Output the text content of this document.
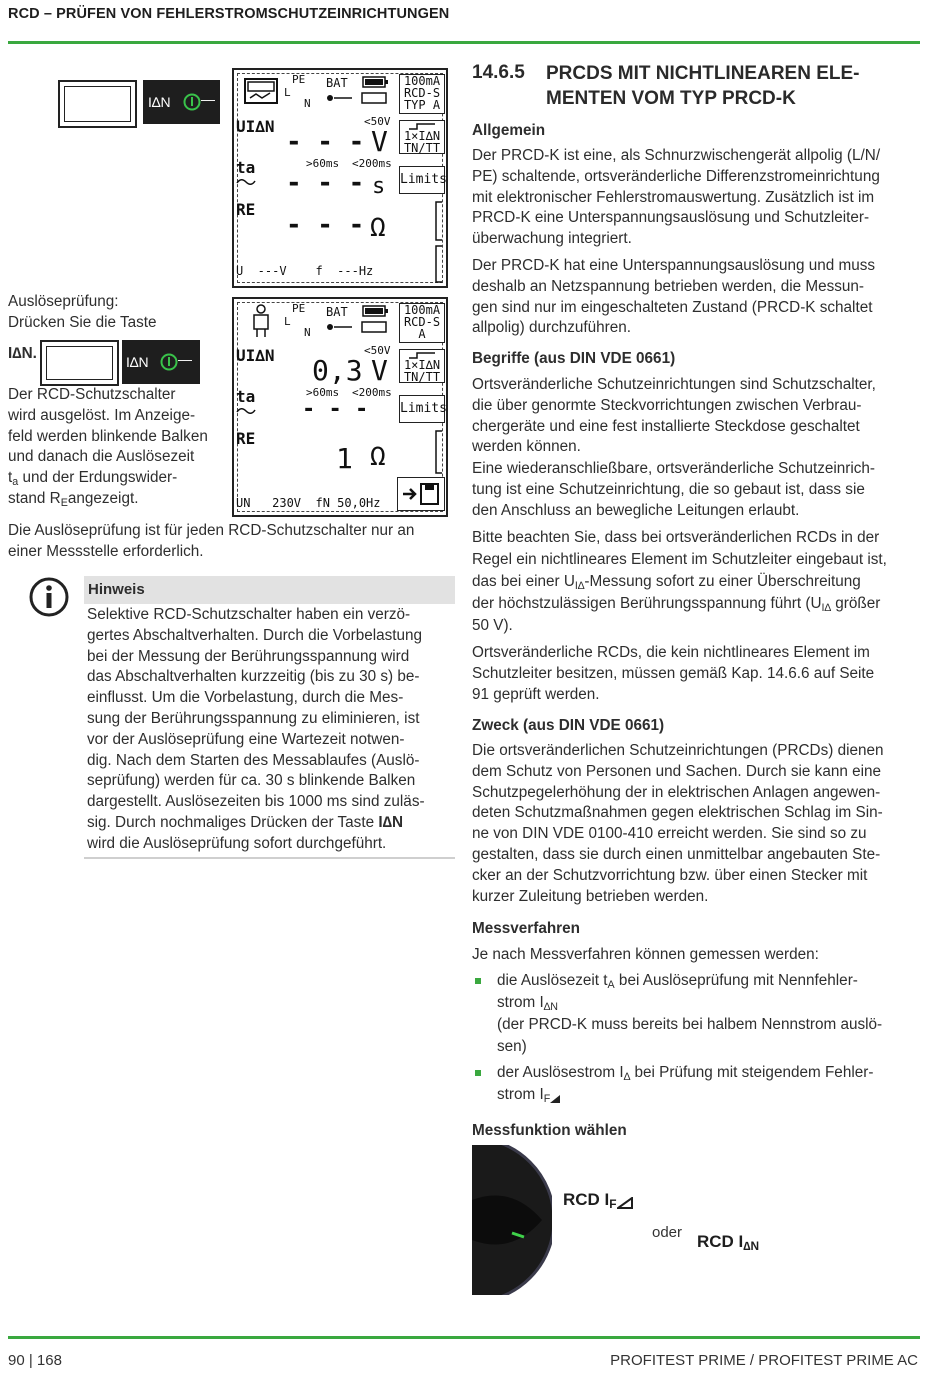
RCD – PRÜFEN VON FEHLERSTROMSCHUTZEINRICHTUNGEN
I∆N —
PE
L
N
BAT	100mA
RCD-S
TYP A
UI∆N	<50V
- - - V	1×I∆N
TN/TT
ta	>60ms <200ms
- - - s Limits
RE
- - - Ω
U  ---V    f  ---Hz
Auslöseprüfung:
Drücken Sie die Taste
I∆N.	I∆N —
Der RCD-Schutzschalter
wird ausgelöst. Im Anzeige-
feld werden blinkende Balken
und danach die Auslösezeit
$t_a$ und der Erdungswider-
stand $R_Eangezeigt$.
PE
L
N
BAT	100mA
RCD-S
A
UI∆N	<50V
0,3 V	1×I∆N
TN/TT
ta	>60ms <200ms
- - - Limits
RE
1 Ω
UN   230V  fN 50,0Hz
Die Auslöseprüfung ist für jeden RCD-Schutzschalter nur an
einer Messstelle erforderlich.
Hinweis
Selektive RCD-Schutzschalter haben ein verzö-
gertes Abschaltverhalten. Durch die Vorbelastung
bei der Messung der Berührungsspannung wird
das Abschaltverhalten kurzzeitig (bis zu 30 s) be-
einflusst. Um die Vorbelastung, durch die Mes-
sung der Berührungsspannung zu eliminieren, ist
vor der Auslöseprüfung eine Wartezeit notwen-
dig. Nach dem Starten des Messablaufes (Auslö-
seprüfung) werden für ca. 30 s blinkende Balken
dargestellt. Auslösezeiten bis 1000 ms sind zuläs-
sig. Durch nochmaliges Drücken der Taste I∆N
wird die Auslöseprüfung sofort durchgeführt.
14.6.5 PRCDS MIT NICHTLINEAREN ELE-
MENTEN VOM TYP PRCD-K
Allgemein
Der PRCD-K ist eine, als Schnurzwischengerät allpolig (L/N/
PE) schaltende, ortsveränderliche Differenzstromeinrichtung
mit elektronischer Fehlerstromauswertung. Zusätzlich ist im
PRCD-K eine Unterspannungsauslösung und Schutzleiter-
überwachung integriert.
Der PRCD-K hat eine Unterspannungsauslösung und muss
deshalb an Netzspannung betrieben werden, die Messun-
gen sind nur im eingeschalteten Zustand (PRCD-K schaltet
allpolig) durchzuführen.
Begriffe (aus DIN VDE 0661)
Ortsveränderliche Schutzeinrichtungen sind Schutzschalter,
die über genormte Steckvorrichtungen zwischen Verbrau-
chergeräte und eine fest installierte Steckdose geschaltet
werden können.
Eine wiederanschließbare, ortsveränderliche Schutzeinrich-
tung ist eine Schutzeinrichtung, die so gebaut ist, dass sie
den Anschluss an bewegliche Leitungen erlaubt.
Bitte beachten Sie, dass bei ortsveränderlichen RCDs in der
Regel ein nichtlineares Element im Schutzleiter eingebaut ist,
das bei einer $U_{I\Delta}$-Messung sofort zu einer Überschreitung
der höchstzulässigen Berührungsspannung führt ($U_{I\Delta}$ größer
50 V).
Ortsveränderliche RCDs, die kein nichtlineares Element im
Schutzleiter besitzen, müssen gemäß Kap. 14.6.6 auf Seite
91 geprüft werden.
Zweck (aus DIN VDE 0661)
Die ortsveränderlichen Schutzeinrichtungen (PRCDs) dienen
dem Schutz von Personen und Sachen. Durch sie kann eine
Schutzpegelerhöhung der in elektrischen Anlagen angewen-
deten Schutzmaßnahmen gegen elektrischen Schlag im Sin-
ne von DIN VDE 0100-410 erreicht werden. Sie sind so zu
gestalten, dass sie durch einen unmittelbar angebauten Ste-
cker an der Schutzvorrichtung bzw. über einen Stecker mit
kurzer Zuleitung betrieben werden.
Messverfahren
Je nach Messverfahren können gemessen werden:
die Auslösezeit $t_A$ bei Auslöseprüfung mit Nennfehler-
strom $I_{\Delta N}$
(der PRCD-K muss bereits bei halbem Nennstrom auslö-
sen)
der Auslösestrom $I_\Delta$ bei Prüfung mit steigendem Fehler-
strom $I_F$
Messfunktion wählen
RCD $I_F$
oder RCD $I_{\Delta N}$
90 | 168	PROFITEST PRIME / PROFITEST PRIME AC
